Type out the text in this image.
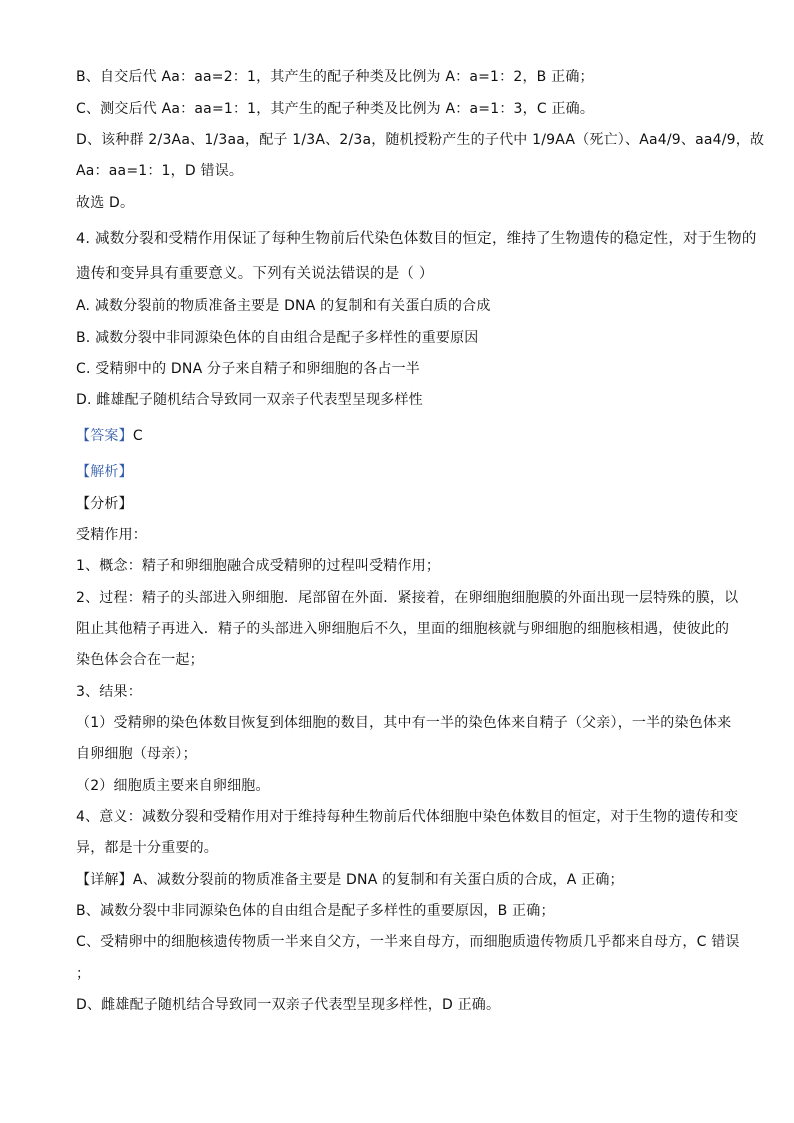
B、自交后代 Aa：aa=2：1，其产生的配子种类及比例为 A：a=1：2，B 正确；
C、测交后代 Aa：aa=1：1，其产生的配子种类及比例为 A：a=1：3，C 正确。
D、该种群 2/3Aa、1/3aa，配子 1/3A、2/3a，随机授粉产生的子代中 1/9AA（死亡）、Aa4/9、aa4/9，故
Aa：aa=1：1，D 错误。
故选 D。
4. 减数分裂和受精作用保证了每种生物前后代染色体数目的恒定，维持了生物遗传的稳定性，对于生物的
遗传和变异具有重要意义。下列有关说法错误的是（ ）
A. 减数分裂前的物质准备主要是 DNA 的复制和有关蛋白质的合成
B. 减数分裂中非同源染色体的自由组合是配子多样性的重要原因
C. 受精卵中的 DNA 分子来自精子和卵细胞的各占一半
D. 雌雄配子随机结合导致同一双亲子代表型呈现多样性
【答案】C
【解析】
【分析】
受精作用：
1、概念：精子和卵细胞融合成受精卵的过程叫受精作用；
2、过程：精子的头部进入卵细胞．尾部留在外面．紧接着，在卵细胞细胞膜的外面出现一层特殊的膜，以
阻止其他精子再进入．精子的头部进入卵细胞后不久，里面的细胞核就与卵细胞的细胞核相遇，使彼此的
染色体会合在一起；
3、结果：
（1）受精卵的染色体数目恢复到体细胞的数目，其中有一半的染色体来自精子（父亲），一半的染色体来
自卵细胞（母亲）；
（2）细胞质主要来自卵细胞。
4、意义：减数分裂和受精作用对于维持每种生物前后代体细胞中染色体数目的恒定，对于生物的遗传和变
异，都是十分重要的。
【详解】A、减数分裂前的物质准备主要是 DNA 的复制和有关蛋白质的合成，A 正确；
B、减数分裂中非同源染色体的自由组合是配子多样性的重要原因，B 正确；
C、受精卵中的细胞核遗传物质一半来自父方，一半来自母方，而细胞质遗传物质几乎都来自母方，C 错误
；
D、雌雄配子随机结合导致同一双亲子代表型呈现多样性，D 正确。
